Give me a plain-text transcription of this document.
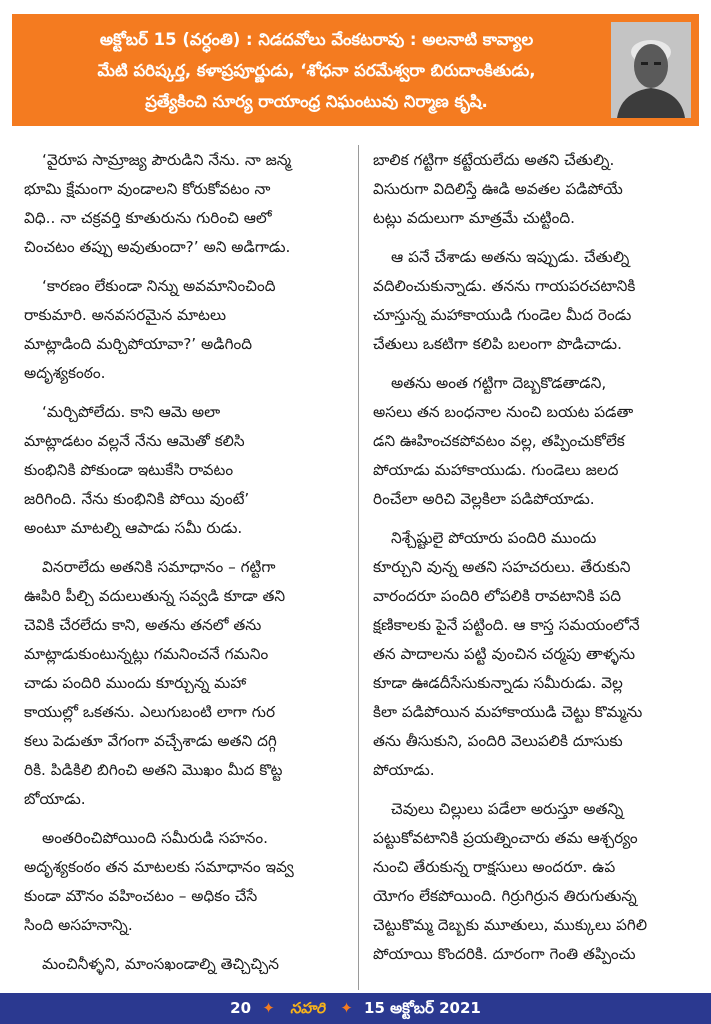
అక్టోబర్ 15 (వర్ధంతి) : నిడదవోలు వేంకటరావు : అలనాటి కావ్యాల
మేటి పరిష్కర్త, కళాప్రపూర్ణుడు, ‘శోధనా పరమేశ్వరా బిరుదాంకితుడు,
ప్రత్యేకించి సూర్య రాయాంధ్ర నిఘంటువు నిర్మాణ కృషి.
‘వైరూప సామ్రాజ్య పౌరుడిని నేను. నా జన్మ
భూమి క్షేమంగా వుండాలని కోరుకోవటం నా
విధి.. నా చక్రవర్తి కూతురును గురించి ఆలో
చించటం తప్పు అవుతుందా?’ అని అడిగాడు.
‘కారణం లేకుండా నిన్ను అవమానించింది
రాకుమారి. అనవసరమైన మాటలు
మాట్లాడింది మర్చిపోయావా?’ అడిగింది
అదృశ్యకంఠం.
‘మర్చిపోలేదు. కాని ఆమె అలా
మాట్లాడటం వల్లనే నేను ఆమెతో కలిసి
కుంభినికి పోకుండా ఇటుకేసి రావటం
జరిగింది. నేను కుంభినికి పోయి వుంటే’
అంటూ మాటల్ని ఆపాడు సమీ రుడు.
వినరాలేదు అతనికి సమాధానం – గట్టిగా
ఊపిరి పీల్చి వదులుతున్న సవ్వడి కూడా తని
చెవికి చేరలేదు కాని, అతను తనలో తను
మాట్లాడుకుంటున్నట్లు గమనించనే గమనిం
చాడు పందిరి ముందు కూర్చున్న మహా
కాయుల్లో ఒకతను. ఎలుగుబంటి లాగా గుర
కలు పెడుతూ వేగంగా వచ్చేశాడు అతని దగ్గి
రికి. పిడికిలి బిగించి అతని మొఖం మీద కొట్ట
బోయాడు.
అంతరించిపోయింది సమీరుడి సహనం.
అదృశ్యకంఠం తన మాటలకు సమాధానం ఇవ్వ
కుండా మౌనం వహించటం – అధికం చేసే
సింది అసహనాన్ని.
మంచినీళ్ళని, మాంసఖండాల్ని తెచ్చిచ్చిన
బాలిక గట్టిగా కట్టేయలేదు అతని చేతుల్ని.
విసురుగా విదిలిస్తే ఊడి అవతల పడిపోయే
టట్లు వదులుగా మాత్రమే చుట్టింది.
ఆ పనే చేశాడు అతను ఇప్పుడు. చేతుల్ని
వదిలించుకున్నాడు. తనను గాయపరచటానికి
చూస్తున్న మహాకాయుడి గుండెల మీద రెండు
చేతులు ఒకటిగా కలిపి బలంగా పొడిచాడు.
అతను అంత గట్టిగా దెబ్బకొడతాడని,
అసలు తన బంధనాల నుంచి బయట పడతా
డని ఊహించకపోవటం వల్ల, తప్పించుకోలేక
పోయాడు మహాకాయుడు. గుండెలు జలద
రించేలా అరిచి వెల్లకిలా పడిపోయాడు.
నిశ్చేష్టులై పోయారు పందిరి ముందు
కూర్చుని వున్న అతని సహచరులు. తేరుకుని
వారందరూ పందిరి లోపలికి రావటానికి పది
క్షణికాలకు పైనే పట్టింది. ఆ కాస్త సమయంలోనే
తన పాదాలను పట్టి వుంచిన చర్మపు తాళ్ళను
కూడా ఊడదీసేసుకున్నాడు సమీరుడు. వెల్ల
కిలా పడిపోయిన మహాకాయుడి చెట్టు కొమ్మను
తను తీసుకుని, పందిరి వెలుపలికి దూసుకు
పోయాడు.
చెవులు చిల్లులు పడేలా అరుస్తూ అతన్ని
పట్టుకోవటానికి ప్రయత్నించారు తమ ఆశ్చర్యం
నుంచి తేరుకున్న రాక్షసులు అందరూ. ఉప
యోగం లేకపోయింది. గిర్రుగిర్రున తిరుగుతున్న
చెట్టుకొమ్మ దెబ్బకు మూతులు, ముక్కులు పగిలి
పోయాయి కొందరికి. దూరంగా గెంతి తప్పించు
20 ✦ సహరి ✦ 15 అక్టోబర్ 2021
